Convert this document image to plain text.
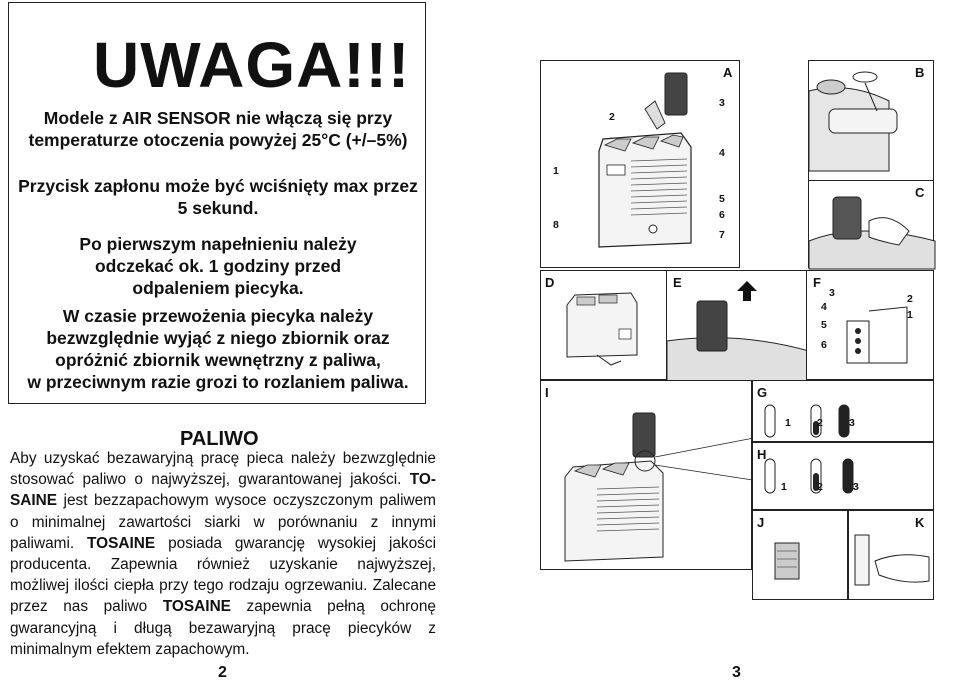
UWAGA!!!
Modele z AIR SENSOR nie włączą się przy
temperaturze otoczenia powyżej 25°C (+/–5%)
Przycisk zapłonu może być wciśnięty max przez
5 sekund.
Po pierwszym napełnieniu należy
odczekać ok. 1 godziny przed
odpaleniem piecyka.
W czasie przewożenia piecyka należy
bezwzględnie wyjąć z niego zbiornik oraz
opróżnić zbiornik wewnętrzny z paliwa,
w przeciwnym razie grozi to rozlaniem paliwa.
PALIWO
Aby uzyskać bezawaryjną pracę pieca należy bezwzględnie stosować paliwo o najwyższej, gwarantowanej jakości. TO-SAINE jest bezzapachowym wysoce oczyszczonym paliwem o minimalnej zawartości siarki w porównaniu z innymi paliwami. TOSAINE posiada gwarancję wysokiej jakości producenta. Zapewnia również uzyskanie najwyższej, możliwej ilości ciepła przy tego rodzaju ogrzewaniu. Zalecane przez nas paliwo TOSAINE zapewnia pełną ochronę gwarancyjną i długą bezawaryjną pracę piecyków z minimalnym efektem zapachowym.
2	3
A
3
2
4
1
5
6
8
7
B
C
D	E	F
3
4
5
6
2
1
I	G
1 2 3
H
1	2	3
J	K
